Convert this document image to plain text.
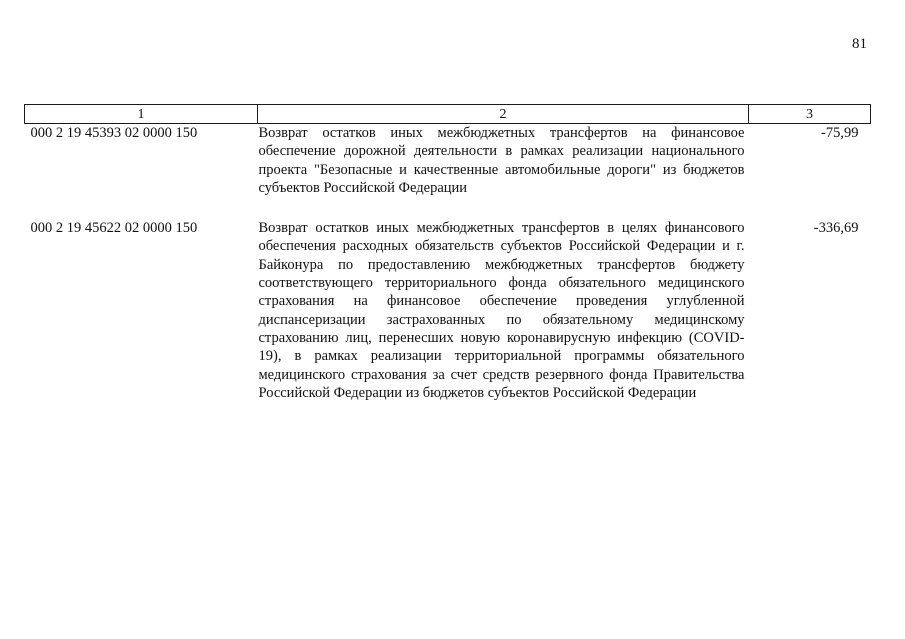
81
1	2	3
000 2 19 45393 02 0000 150	Возврат остатков иных межбюджетных трансфертов на финансовое обеспечение дорожной деятельности в рамках реализации национального проекта "Безопасные и качественные автомобильные дороги" из бюджетов субъектов Российской Федерации	-75,99

000 2 19 45622 02 0000 150	Возврат остатков иных межбюджетных трансфертов в целях финансового обеспечения расходных обязательств субъектов Российской Федерации и г. Байконура по предоставлению межбюджетных трансфертов бюджету соответствующего территориального фонда обязательного медицинского страхования на финансовое обеспечение проведения углубленной диспансеризации застрахованных по обязательному медицинскому страхованию лиц, перенесших новую коронавирусную инфекцию (COVID-19), в рамках реализации территориальной программы обязательного медицинского страхования за счет средств резервного фонда Правительства Российской Федерации из бюджетов субъектов Российской Федерации	-336,69
